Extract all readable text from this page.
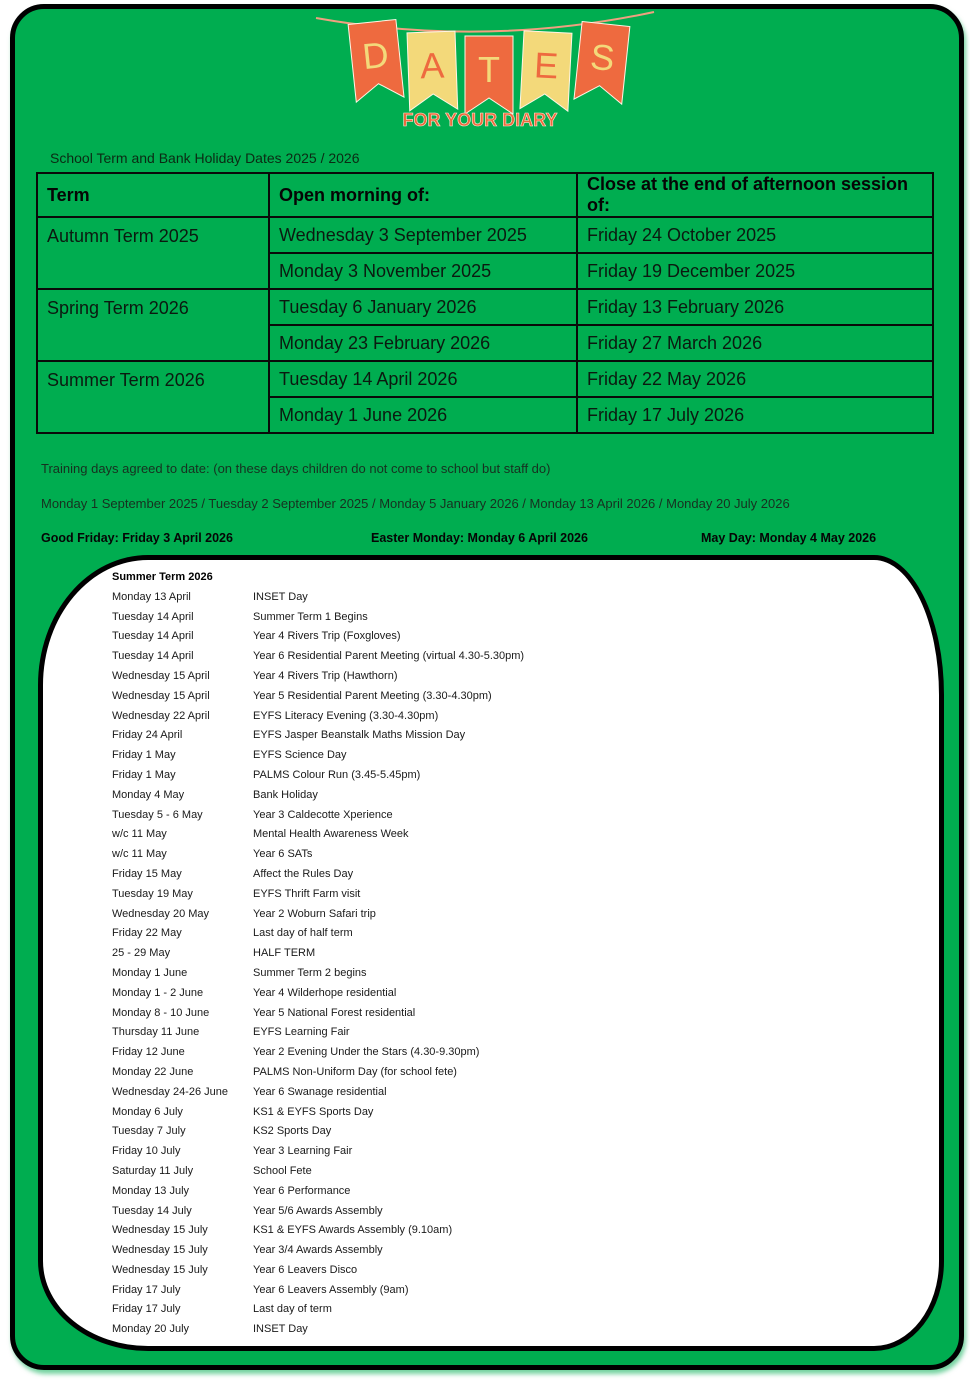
D A T E S
FOR YOUR DIARY
School Term and Bank Holiday Dates 2025 / 2026
Term	Open morning of:	Close at the end of afternoon session of:
Autumn Term 2025	Wednesday 3 September 2025	Friday 24 October 2025
	Monday 3 November 2025	Friday 19 December 2025
Spring Term 2026	Tuesday 6 January 2026	Friday 13 February 2026
	Monday 23 February 2026	Friday 27 March 2026
Summer Term 2026	Tuesday 14 April 2026	Friday 22 May 2026
	Monday 1 June 2026	Friday 17 July 2026
Training days agreed to date: (on these days children do not come to school but staff do)
Monday 1 September 2025 / Tuesday 2 September 2025 / Monday 5 January 2026 / Monday 13 April 2026 / Monday 20 July 2026
Good Friday: Friday 3 April 2026	Easter Monday: Monday 6 April 2026	May Day: Monday 4 May 2026
Summer Term 2026
Monday 13 April	INSET Day
Tuesday 14 April	Summer Term 1 Begins
Tuesday 14 April	Year 4 Rivers Trip (Foxgloves)
Tuesday 14 April	Year 6 Residential Parent Meeting (virtual 4.30-5.30pm)
Wednesday 15 April	Year 4 Rivers Trip (Hawthorn)
Wednesday 15 April	Year 5 Residential Parent Meeting (3.30-4.30pm)
Wednesday 22 April	EYFS Literacy Evening (3.30-4.30pm)
Friday 24 April	EYFS Jasper Beanstalk Maths Mission Day
Friday 1 May	EYFS Science Day
Friday 1 May	PALMS Colour Run (3.45-5.45pm)
Monday 4 May	Bank Holiday
Tuesday 5 - 6 May	Year 3 Caldecotte Xperience
w/c 11 May	Mental Health Awareness Week
w/c 11 May	Year 6 SATs
Friday 15 May	Affect the Rules Day
Tuesday 19 May	EYFS Thrift Farm visit
Wednesday 20 May	Year 2 Woburn Safari trip
Friday 22 May	Last day of half term
25 - 29 May	HALF TERM
Monday 1 June	Summer Term 2 begins
Monday 1 - 2 June	Year 4 Wilderhope residential
Monday 8 - 10 June	Year 5 National Forest residential
Thursday 11 June	EYFS Learning Fair
Friday 12 June	Year 2 Evening Under the Stars (4.30-9.30pm)
Monday 22 June	PALMS Non-Uniform Day (for school fete)
Wednesday 24-26 June Year 6 Swanage residential
Monday 6 July	KS1 & EYFS Sports Day
Tuesday 7 July	KS2 Sports Day
Friday 10 July	Year 3 Learning Fair
Saturday 11 July	School Fete
Monday 13 July	Year 6 Performance
Tuesday 14 July	Year 5/6 Awards Assembly
Wednesday 15 July	KS1 & EYFS Awards Assembly (9.10am)
Wednesday 15 July	Year 3/4 Awards Assembly
Wednesday 15 July	Year 6 Leavers Disco
Friday 17 July	Year 6 Leavers Assembly (9am)
Friday 17 July	Last day of term
Monday 20 July	INSET Day
